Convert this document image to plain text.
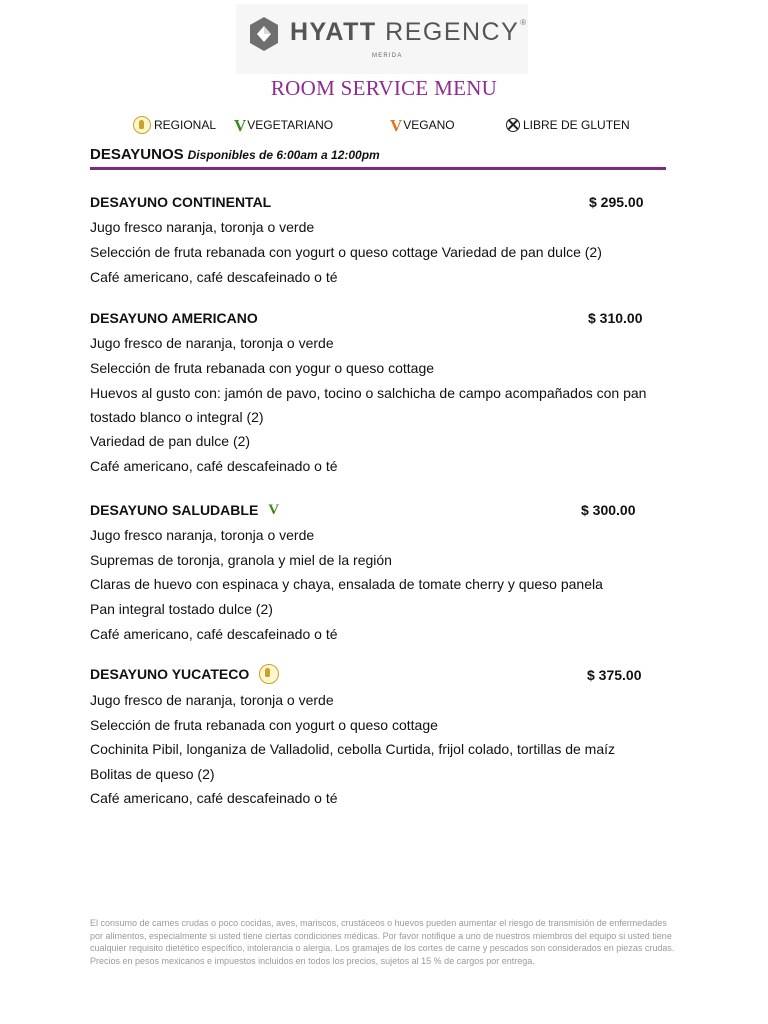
HYATT REGENCY®
MERIDA
ROOM SERVICE MENU
REGIONAL V VEGETARIANO	V VEGANO	LIBRE DE GLUTEN
DESAYUNOS Disponibles de 6:00am a 12:00pm
DESAYUNO CONTINENTAL	$ 295.00
Jugo fresco naranja, toronja o verde
Selección de fruta rebanada con yogurt o queso cottage Variedad de pan dulce (2)
Café americano, café descafeinado o té
DESAYUNO AMERICANO	$ 310.00
Jugo fresco de naranja, toronja o verde
Selección de fruta rebanada con yogur o queso cottage
Huevos al gusto con: jamón de pavo, tocino o salchicha de campo acompañados con pan
tostado blanco o integral (2)
Variedad de pan dulce (2)
Café americano, café descafeinado o té
DESAYUNO SALUDABLE V	$ 300.00
Jugo fresco naranja, toronja o verde
Supremas de toronja, granola y miel de la región
Claras de huevo con espinaca y chaya, ensalada de tomate cherry y queso panela
Pan integral tostado dulce (2)
Café americano, café descafeinado o té
DESAYUNO YUCATECO	$ 375.00
Jugo fresco de naranja, toronja o verde
Selección de fruta rebanada con yogurt o queso cottage
Cochinita Pibil, longaniza de Valladolid, cebolla Curtida, frijol colado, tortillas de maíz
Bolitas de queso (2)
Café americano, café descafeinado o té
El consumo de carnes crudas o poco cocidas, aves, mariscos, crustáceos o huevos pueden aumentar el riesgo de transmisión de enfermedades por alimentos, especialmente si usted tiene ciertas condiciones médicas. Por favor notifique a uno de nuestros miembros del equipo si usted tiene cualquier requisito dietético específico, intolerancia o alergia. Los gramajes de los cortes de carne y pescados son considerados en piezas crudas. Precios en pesos mexicanos e impuestos incluidos en todos los precios, sujetos al 15 % de cargos por entrega.
